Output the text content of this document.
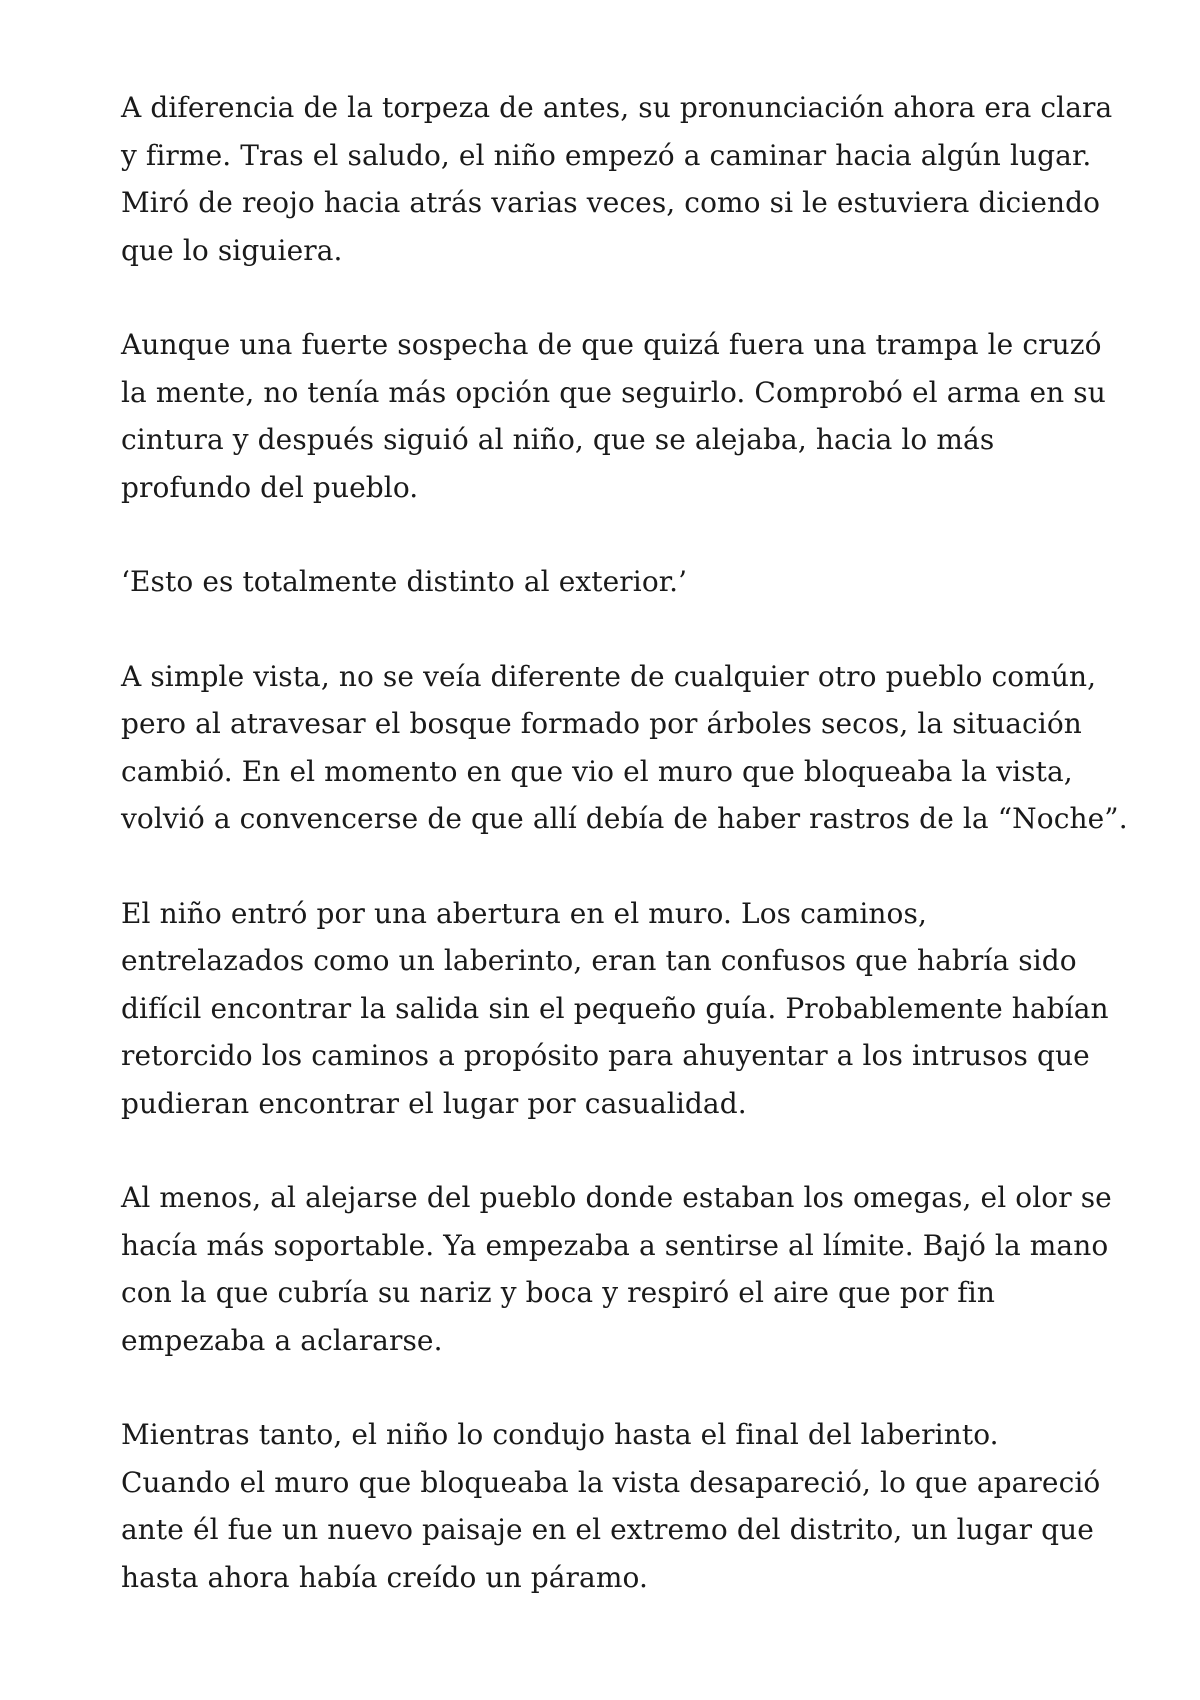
A diferencia de la torpeza de antes, su pronunciación ahora era clara
y firme. Tras el saludo, el niño empezó a caminar hacia algún lugar.
Miró de reojo hacia atrás varias veces, como si le estuviera diciendo
que lo siguiera.

Aunque una fuerte sospecha de que quizá fuera una trampa le cruzó
la mente, no tenía más opción que seguirlo. Comprobó el arma en su
cintura y después siguió al niño, que se alejaba, hacia lo más
profundo del pueblo.

‘Esto es totalmente distinto al exterior.’

A simple vista, no se veía diferente de cualquier otro pueblo común,
pero al atravesar el bosque formado por árboles secos, la situación
cambió. En el momento en que vio el muro que bloqueaba la vista,
volvió a convencerse de que allí debía de haber rastros de la “Noche”.

El niño entró por una abertura en el muro. Los caminos,
entrelazados como un laberinto, eran tan confusos que habría sido
difícil encontrar la salida sin el pequeño guía. Probablemente habían
retorcido los caminos a propósito para ahuyentar a los intrusos que
pudieran encontrar el lugar por casualidad.

Al menos, al alejarse del pueblo donde estaban los omegas, el olor se
hacía más soportable. Ya empezaba a sentirse al límite. Bajó la mano
con la que cubría su nariz y boca y respiró el aire que por fin
empezaba a aclararse.

Mientras tanto, el niño lo condujo hasta el final del laberinto.
Cuando el muro que bloqueaba la vista desapareció, lo que apareció
ante él fue un nuevo paisaje en el extremo del distrito, un lugar que
hasta ahora había creído un páramo.
